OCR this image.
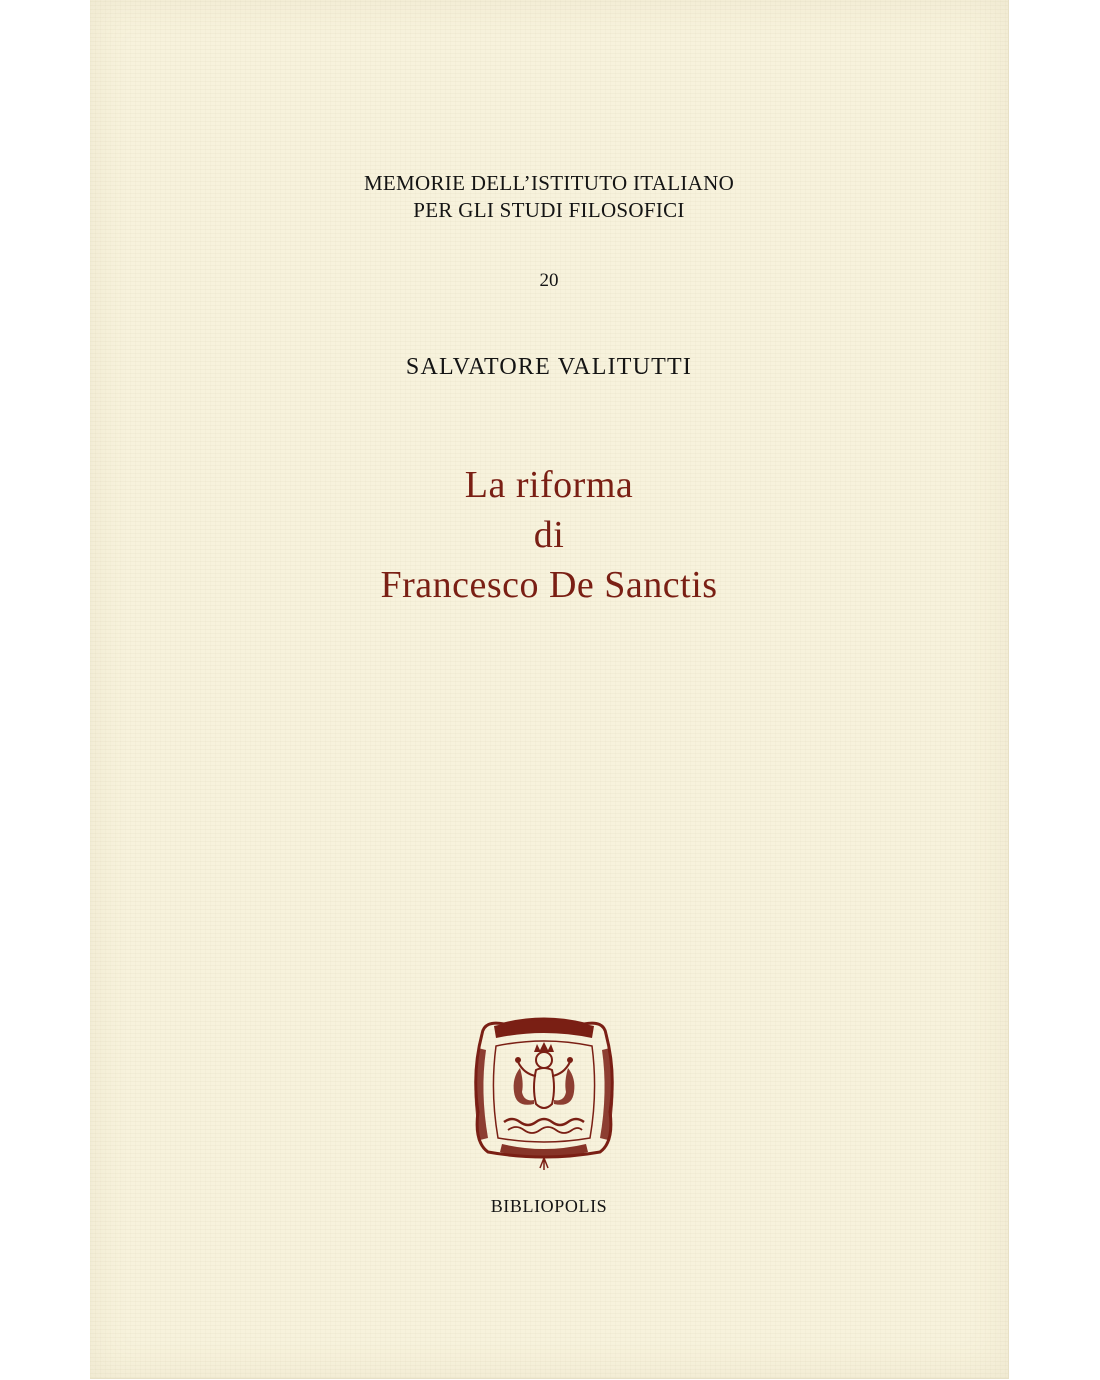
MEMORIE DELL’ISTITUTO ITALIANO
PER GLI STUDI FILOSOFICI
20
SALVATORE VALITUTTI
La riforma
di
Francesco De Sanctis
BIBLIOPOLIS
